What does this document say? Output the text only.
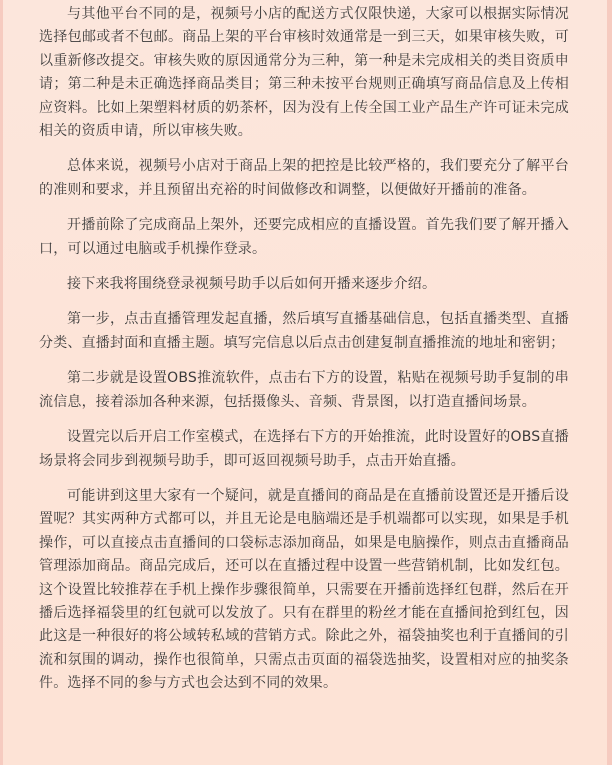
与其他平台不同的是，视频号小店的配送方式仅限快递，大家可以根据实际情况选择包邮或者不包邮。商品上架的平台审核时效通常是一到三天，如果审核失败，可以重新修改提交。审核失败的原因通常分为三种，第一种是未完成相关的类目资质申请；第二种是未正确选择商品类目；第三种未按平台规则正确填写商品信息及上传相应资料。比如上架塑料材质的奶茶杯，因为没有上传全国工业产品生产许可证未完成相关的资质申请，所以审核失败。

总体来说，视频号小店对于商品上架的把控是比较严格的，我们要充分了解平台的准则和要求，并且预留出充裕的时间做修改和调整，以便做好开播前的准备。

开播前除了完成商品上架外，还要完成相应的直播设置。首先我们要了解开播入口，可以通过电脑或手机操作登录。

接下来我将围绕登录视频号助手以后如何开播来逐步介绍。

第一步，点击直播管理发起直播，然后填写直播基础信息，包括直播类型、直播分类、直播封面和直播主题。填写完信息以后点击创建复制直播推流的地址和密钥；

第二步就是设置OBS推流软件，点击右下方的设置，粘贴在视频号助手复制的串流信息，接着添加各种来源，包括摄像头、音频、背景图，以打造直播间场景。

设置完以后开启工作室模式，在选择右下方的开始推流，此时设置好的OBS直播场景将会同步到视频号助手，即可返回视频号助手，点击开始直播。

可能讲到这里大家有一个疑问，就是直播间的商品是在直播前设置还是开播后设置呢？其实两种方式都可以，并且无论是电脑端还是手机端都可以实现，如果是手机操作，可以直接点击直播间的口袋标志添加商品，如果是电脑操作，则点击直播商品管理添加商品。商品完成后，还可以在直播过程中设置一些营销机制，比如发红包。这个设置比较推荐在手机上操作步骤很简单，只需要在开播前选择红包群，然后在开播后选择福袋里的红包就可以发放了。只有在群里的粉丝才能在直播间抢到红包，因此这是一种很好的将公域转私域的营销方式。除此之外，福袋抽奖也利于直播间的引流和氛围的调动，操作也很简单，只需点击页面的福袋选抽奖，设置相对应的抽奖条件。选择不同的参与方式也会达到不同的效果。
